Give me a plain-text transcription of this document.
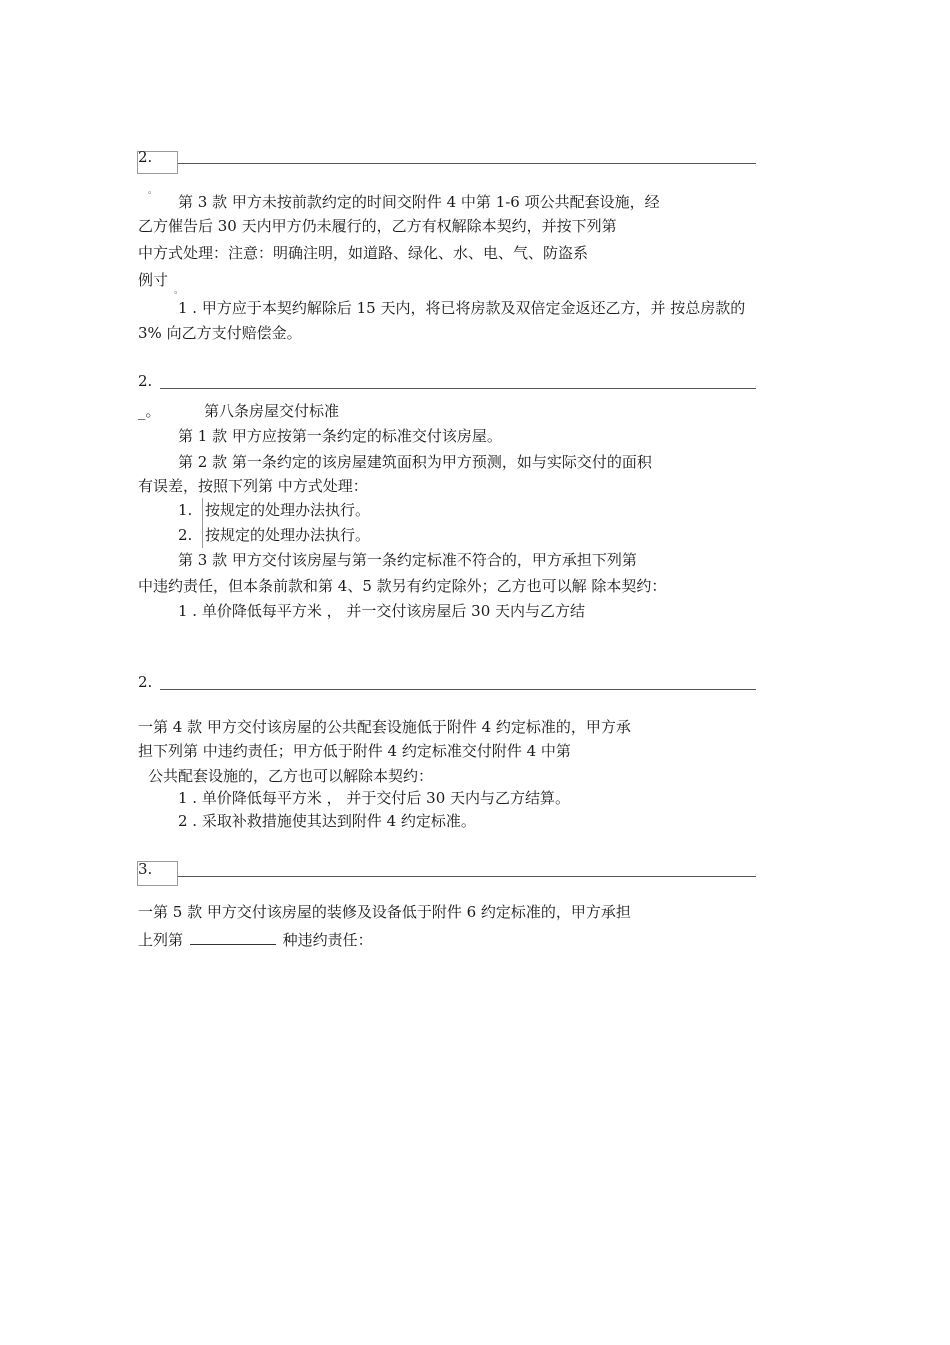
2.
。
第 3 款 甲方未按前款约定的时间交附件 4 中第 1-6 项公共配套设施，经
乙方催告后 30 天内甲方仍未履行的，乙方有权解除本契约，并按下列第
中方式处理：注意：明确注明，如道路、绿化、水、电、气、防盗系
例寸
。
1 . 甲方应于本契约解除后 15 天内，将已将房款及双倍定金返还乙方，并 按总房款的
3% 向乙方支付赔偿金。
2.
_。	第八条房屋交付标准
第 1 款 甲方应按第一条约定的标准交付该房屋。
第 2 款 第一条约定的该房屋建筑面积为甲方预测，如与实际交付的面积
有误差，按照下列第 中方式处理：
1. 按规定的处理办法执行。
2. 按规定的处理办法执行。
第 3 款 甲方交付该房屋与第一条约定标准不符合的，甲方承担下列第
中违约责任，但本条前款和第 4、5 款另有约定除外；乙方也可以解 除本契约：
1 . 单价降低每平方米 ， 并一交付该房屋后 30 天内与乙方结
2.
一第 4 款 甲方交付该房屋的公共配套设施低于附件 4 约定标准的，甲方承
担下列第 中违约责任；甲方低于附件 4 约定标准交付附件 4 中第
公共配套设施的，乙方也可以解除本契约：
1 . 单价降低每平方米 ， 并于交付后 30 天内与乙方结算。
2 . 采取补救措施使其达到附件 4 约定标准。
3.
一第 5 款 甲方交付该房屋的装修及设备低于附件 6 约定标准的，甲方承担
上列第	种违约责任：
